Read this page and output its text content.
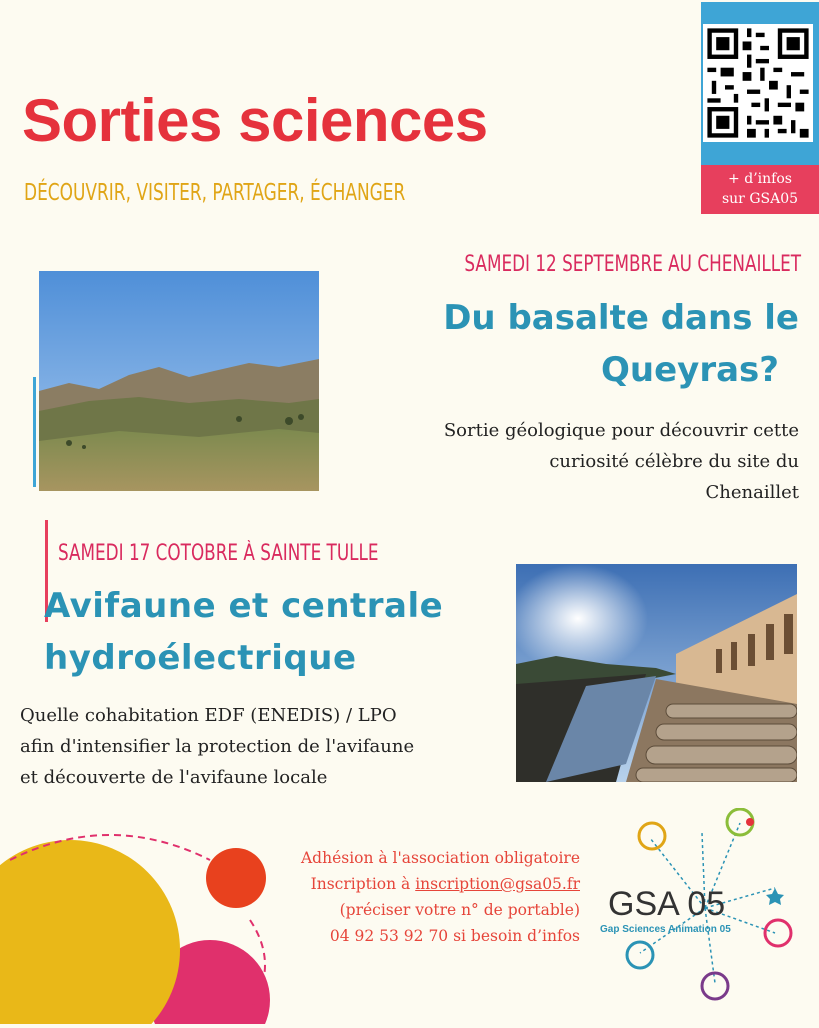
Sorties sciences
DÉCOUVRIR, VISITER, PARTAGER, ÉCHANGER
+ d’infos
sur GSA05
SAMEDI 12 SEPTEMBRE AU CHENAILLET
Du basalte dans le
Queyras?
Sortie géologique pour découvrir cette
curiosité célèbre du site du
Chenaillet
SAMEDI 17 COTOBRE À SAINTE TULLE
Avifaune et centrale
hydroélectrique
Quelle cohabitation EDF (ENEDIS) / LPO
afin d'intensifier la protection de l'avifaune
et découverte de l'avifaune locale
Adhésion à l'association obligatoire
Inscription à inscription@gsa05.fr
(préciser votre n° de portable)
04 92 53 92 70 si besoin d’infos
GSA 05
Gap Sciences Animation 05
